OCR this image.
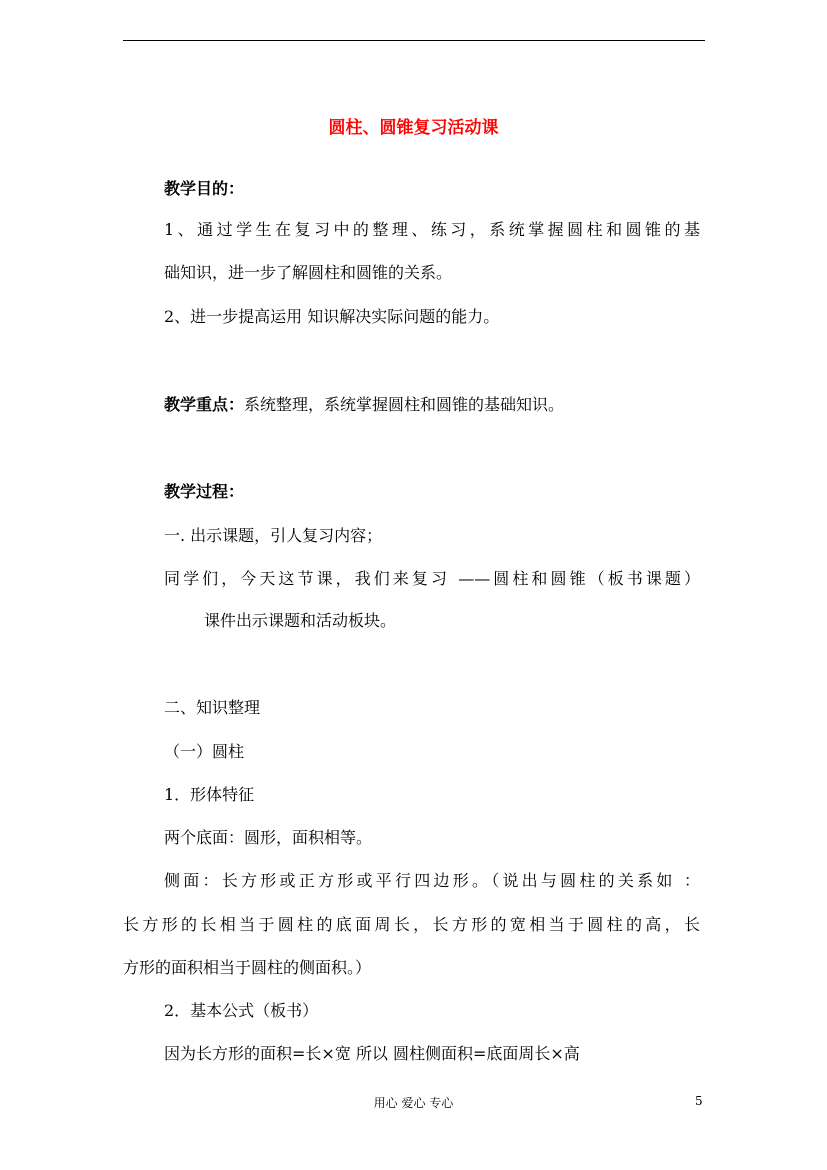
圆柱、圆锥复习活动课
教学目的：
1、通过学生在复习中的整理、练习，系统掌握圆柱和圆锥的基
础知识，进一步了解圆柱和圆锥的关系。
2、进一步提高运用 知识解决实际问题的能力。
教学重点：系统整理，系统掌握圆柱和圆锥的基础知识。
教学过程：
一. 出示课题，引人复习内容；
同学们，今天这节课，我们来复习 ——圆柱和圆锥（板书课题）
课件出示课题和活动板块。
二、知识整理
（一）圆柱
1．形体特征
两个底面：圆形，面积相等。
侧面：长方形或正方形或平行四边形。（说出与圆柱的关系如 ：
长方形的长相当于圆柱的底面周长，长方形的宽相当于圆柱的高，长
方形的面积相当于圆柱的侧面积。）
2．基本公式（板书）
因为长方形的面积=长×宽 所以 圆柱侧面积=底面周长×高
用心 爱心 专心	5
